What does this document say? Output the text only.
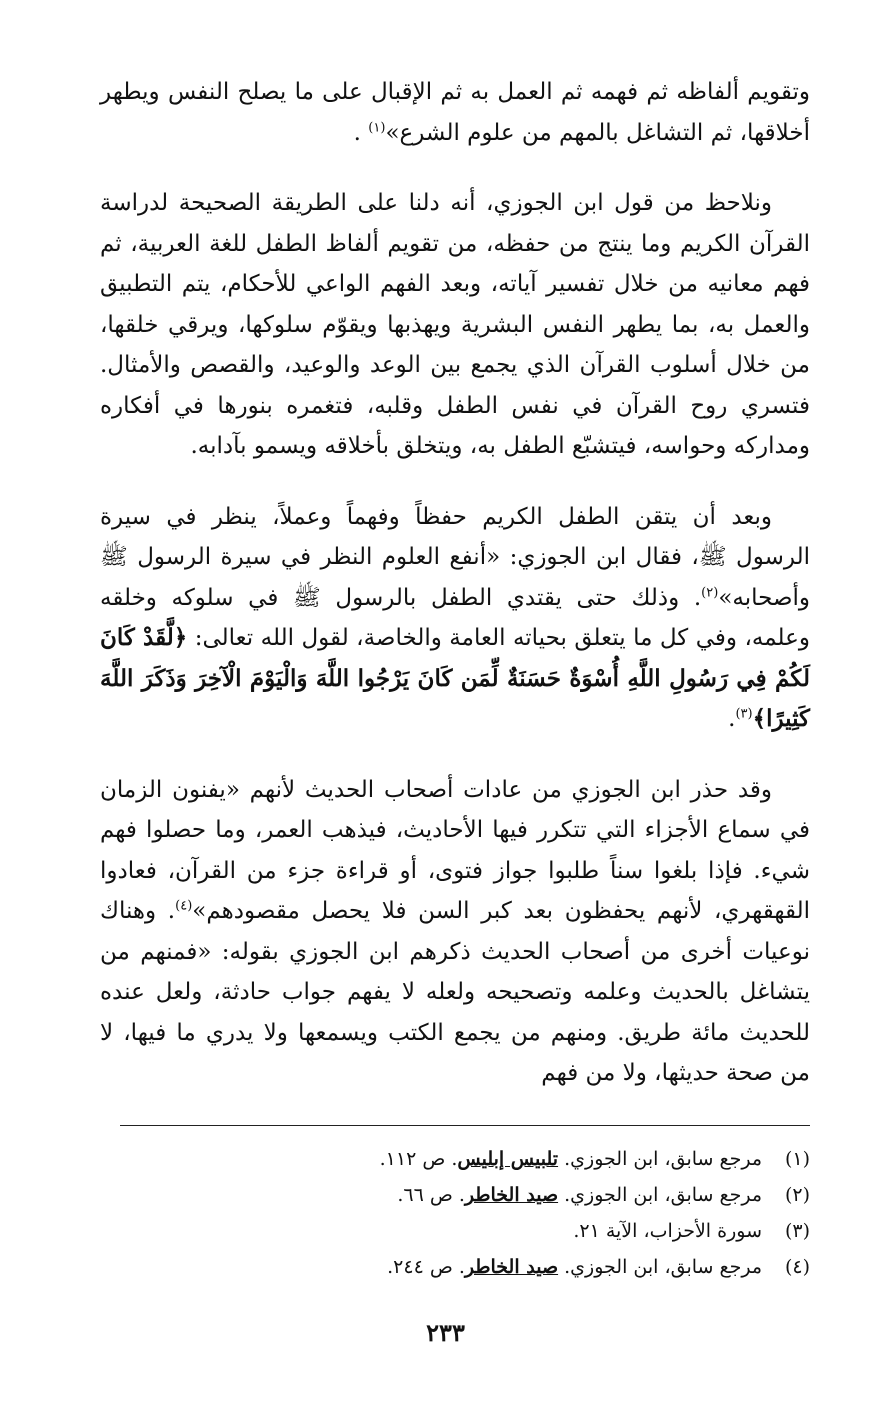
وتقويم ألفاظه ثم فهمه ثم العمل به ثم الإقبال على ما يصلح النفس ويطهر أخلاقها، ثم التشاغل بالمهم من علوم الشرع»$^{(١)}$ .

ونلاحظ من قول ابن الجوزي، أنه دلنا على الطريقة الصحيحة لدراسة القرآن الكريم وما ينتج من حفظه، من تقويم ألفاظ الطفل للغة العربية، ثم فهم معانيه من خلال تفسير آياته، وبعد الفهم الواعي للأحكام، يتم التطبيق والعمل به، بما يطهر النفس البشرية ويهذبها ويقوّم سلوكها، ويرقي خلقها، من خلال أسلوب القرآن الذي يجمع بين الوعد والوعيد، والقصص والأمثال. فتسري روح القرآن في نفس الطفل وقلبه، فتغمره بنورها في أفكاره ومداركه وحواسه، فيتشبّع الطفل به، ويتخلق بأخلاقه ويسمو بآدابه.

وبعد أن يتقن الطفل الكريم حفظاً وفهماً وعملاً، ينظر في سيرة الرسول ﷺ، فقال ابن الجوزي: «أنفع العلوم النظر في سيرة الرسول ﷺ وأصحابه»$^{(٢)}$. وذلك حتى يقتدي الطفل بالرسول ﷺ في سلوكه وخلقه وعلمه، وفي كل ما يتعلق بحياته العامة والخاصة، لقول الله تعالى: ﴿لَّقَدْ كَانَ لَكُمْ فِي رَسُولِ اللَّهِ أُسْوَةٌ حَسَنَةٌ لِّمَن كَانَ يَرْجُوا اللَّهَ وَالْيَوْمَ الْآخِرَ وَذَكَرَ اللَّهَ كَثِيرًا﴾$^{(٣)}$.

وقد حذر ابن الجوزي من عادات أصحاب الحديث لأنهم «يفنون الزمان في سماع الأجزاء التي تتكرر فيها الأحاديث، فيذهب العمر، وما حصلوا فهم شيء. فإذا بلغوا سناً طلبوا جواز فتوى، أو قراءة جزء من القرآن، فعادوا القهقهري، لأنهم يحفظون بعد كبر السن فلا يحصل مقصودهم»$^{(٤)}$. وهناك نوعيات أخرى من أصحاب الحديث ذكرهم ابن الجوزي بقوله: «فمنهم من يتشاغل بالحديث وعلمه وتصحيحه ولعله لا يفهم جواب حادثة، ولعل عنده للحديث مائة طريق. ومنهم من يجمع الكتب ويسمعها ولا يدري ما فيها، لا من صحة حديثها، ولا من فهم

(١)
مرجع سابق، ابن الجوزي. تلبيس إبليس. ص ١١٢.
(٢)
مرجع سابق، ابن الجوزي. صيد الخاطر. ص ٦٦.
(٣)
سورة الأحزاب، الآية ٢١.
(٤)
مرجع سابق، ابن الجوزي. صيد الخاطر. ص ٢٤٤.
٢٣٣
